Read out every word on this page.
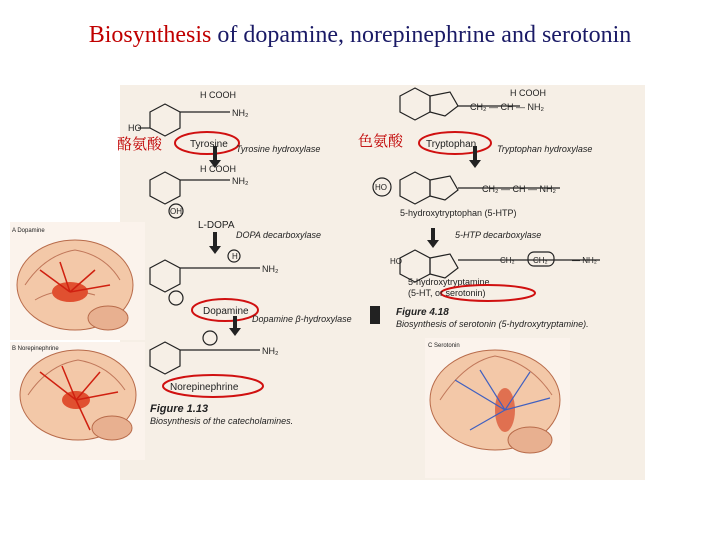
Biosynthesis of dopamine, norepinephrine and serotonin
酪氨酸	色氨酸
H COOH
NH₂
HO
Tyrosine Tyrosine hydroxylase
H COOH
NH₂
OH
L-DOPA
DOPA decarboxylase
H
NH₂
Dopamine
Dopamine β-hydroxylase
NH₂
Norepinephrine
Figure 1.13
Biosynthesis of the catecholamines.
H COOH
CH₂ — CH — NH₂
Tryptophan Tryptophan hydroxylase
HO	CH₂ — CH — NH₂
5-hydroxytryptophan (5-HTP)
5-HTP decarboxylase
HO	CH₂ CH₂	— NH₂
5-hydroxytryptamine
(5-HT, or serotonin)
Figure 4.18
Biosynthesis of serotonin (5-hydroxytryptamine).
A Dopamine
B Norepinephrine	C Serotonin
